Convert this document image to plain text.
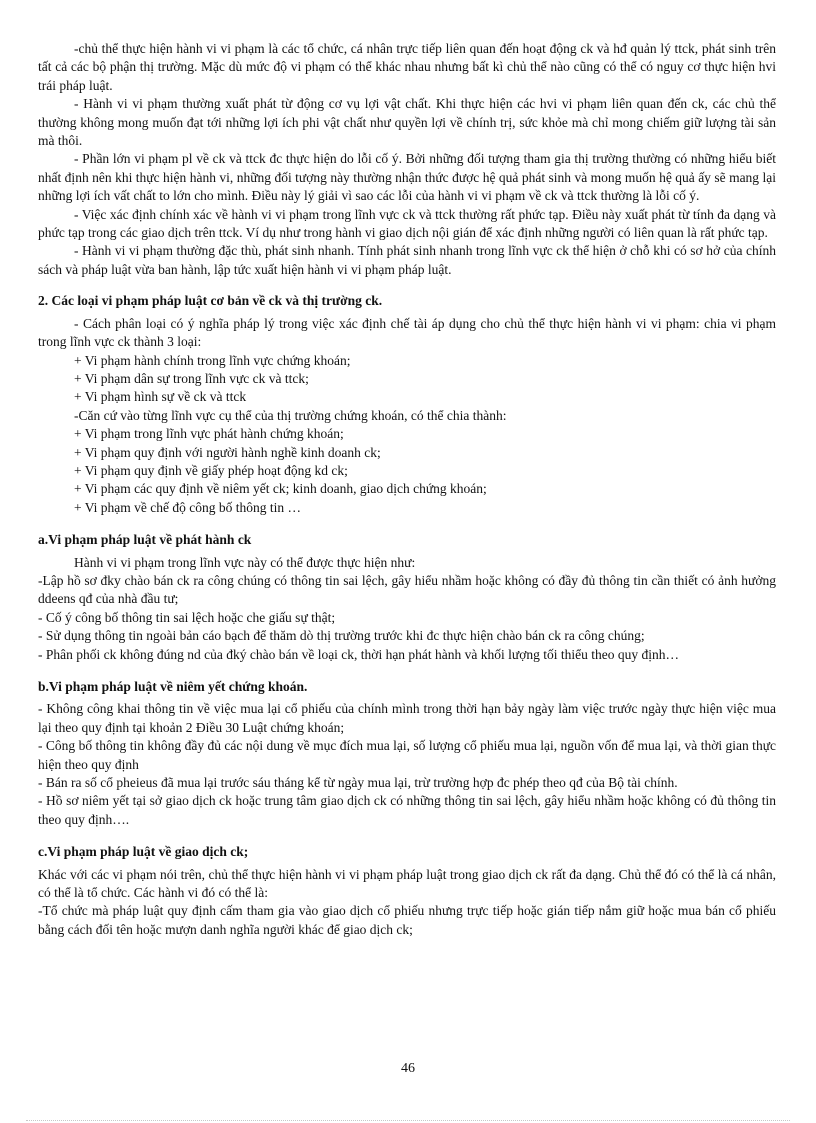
-chủ thể thực hiện hành vi vi phạm là các tổ chức, cá nhân trực tiếp liên quan đến hoạt động ck và hđ quản lý ttck, phát sinh trên tất cả các bộ phận thị trường. Mặc dù mức độ vi phạm có thể khác nhau nhưng bất kì chủ thể nào cũng có thể có nguy cơ thực hiện hvi trái pháp luật.

- Hành vi vi phạm thường xuất phát từ động cơ vụ lợi vật chất. Khi thực hiện các hvi vi phạm liên quan đến ck, các chủ thể thường không mong muốn đạt tới những lợi ích phi vật chất như quyền lợi về chính trị, sức khỏe mà chỉ mong chiếm giữ lượng tài sản mà thôi.

- Phần lớn vi phạm pl về ck và ttck đc thực hiện do lỗi cố ý. Bởi những đối tượng tham gia thị trường thường có những hiểu biết nhất định nên khi thực hiện hành vi, những đối tượng này thường nhận thức được hệ quả phát sinh và mong muốn hệ quả ấy sẽ mang lại những lợi ích vất chất to lớn cho mình. Điều này lý giải vì sao các lỗi của hành vi vi phạm về ck và ttck thường là lỗi cố ý.

- Việc xác định chính xác về hành vi vi phạm trong lĩnh vực ck và ttck thường rất phức tạp. Điều này xuất phát từ tính đa dạng và phức tạp trong các giao dịch trên ttck. Ví dụ như trong hành vi giao dịch nội gián để xác định những người có liên quan là rất phức tạp.

- Hành vi vi phạm thường đặc thù, phát sinh nhanh. Tính phát sinh nhanh trong lĩnh vực ck thể hiện ở chỗ khi có sơ hở của chính sách và pháp luật vừa ban hành, lập tức xuất hiện hành vi vi phạm pháp luật.

2. Các loại vi phạm pháp luật cơ bản về ck và thị trường ck.

- Cách phân loại có ý nghĩa pháp lý trong việc xác định chế tài áp dụng cho chủ thể thực hiện hành vi vi phạm: chia vi phạm trong lĩnh vực ck thành 3 loại:

+ Vi phạm hành chính trong lĩnh vực chứng khoán;

+ Vi phạm dân sự trong lĩnh vực ck và ttck;

+ Vi phạm hình sự về ck và ttck

-Căn cứ vào từng lĩnh vực cụ thể của thị trường chứng khoán, có thể chia thành:

+ Vi phạm trong lĩnh vực phát hành chứng khoán;

+ Vi phạm quy định với người hành nghề kinh doanh ck;

+ Vi phạm quy định về giấy phép hoạt động kd ck;

+ Vi phạm các quy định về niêm yết ck; kinh doanh, giao dịch chứng khoán;

+ Vi phạm về chế độ công bố thông tin …

a.Vi phạm pháp luật về phát hành ck

Hành vi vi phạm trong lĩnh vực này có thể được thực hiện như:

-Lập hồ sơ đky chào bán ck ra công chúng có thông tin sai lệch, gây hiểu nhầm hoặc không có đầy đủ thông tin cần thiết có ảnh hưởng ddeens qđ của nhà đầu tư;

- Cố ý công bố thông tin sai lệch hoặc che giấu sự thật;

- Sử dụng thông tin ngoài bản cáo bạch để thăm dò thị trường trước khi đc thực hiện chào bán ck ra công chúng;

- Phân phối ck không đúng nd của đký chào bán về loại ck, thời hạn phát hành và khối lượng tối thiểu theo quy định…

b.Vi phạm pháp luật về niêm yết chứng khoán.

- Không công khai thông tin về việc mua lại cổ phiếu của chính mình trong thời hạn bảy ngày làm việc trước ngày thực hiện việc mua lại theo quy định tại khoản 2 Điều 30 Luật chứng khoán;

- Công bố thông tin không đầy đủ các nội dung về mục đích mua lại, số lượng cổ phiếu mua lại, nguồn vốn để mua lại, và thời gian thực hiện theo quy định

- Bán ra số cổ pheieus đã mua lại trước sáu tháng kể từ ngày mua lại, trừ trường hợp đc phép theo qđ của Bộ tài chính.

- Hồ sơ niêm yết tại sở giao dịch ck hoặc trung tâm giao dịch ck có những thông tin sai lệch, gây hiểu nhầm hoặc không có đủ thông tin theo quy định….

c.Vi phạm pháp luật về giao dịch ck;

Khác với các vi phạm nói trên, chủ thể thực hiện hành vi vi phạm pháp luật trong giao dịch ck rất đa dạng. Chủ thể đó có thể là cá nhân, có thể là tổ chức. Các hành vi đó có thể là:

-Tổ chức mà pháp luật quy định cấm tham gia vào giao dịch cổ phiếu nhưng trực tiếp hoặc gián tiếp nắm giữ hoặc mua bán cổ phiếu bằng cách đối tên hoặc mượn danh nghĩa người khác để giao dịch ck;

46
